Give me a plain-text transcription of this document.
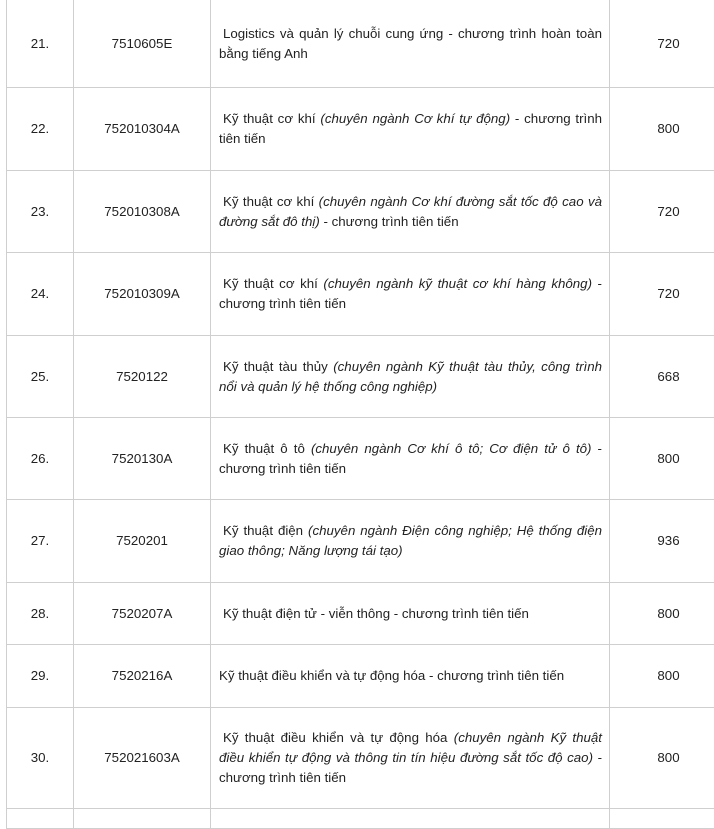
21.	7510605E	Logistics và quản lý chuỗi cung ứng - chương trình hoàn toàn bằng tiếng Anh	720
22.	752010304A	Kỹ thuật cơ khí ( chuyên ngành Cơ khí tự động ) - chương trình tiên tiến	800
23.	752010308A	Kỹ thuật cơ khí ( chuyên ngành Cơ khí đường sắt tốc độ cao và đường sắt đô thị ) - chương trình tiên tiến	720
24.	752010309A	Kỹ thuật cơ khí ( chuyên ngành kỹ thuật cơ khí hàng không ) - chương trình tiên tiến	720
25.	7520122	Kỹ thuật tàu thủy ( chuyên ngành Kỹ thuật tàu thủy, công trình nổi và quản lý hệ thống công nghiệp )	668
26.	7520130A	Kỹ thuật ô tô ( chuyên ngành Cơ khí ô tô; Cơ điện tử ô tô ) - chương trình tiên tiến	800
27.	7520201	Kỹ thuật điện ( chuyên ngành Điện công nghiệp; Hệ thống điện giao thông; Năng lượng tái tạo )	936
28.	7520207A	Kỹ thuật điện tử - viễn thông - chương trình tiên tiến	800
29.	7520216A	Kỹ thuật điều khiển và tự động hóa - chương trình tiên tiến	800
30.	752021603A	Kỹ thuật điều khiển và tự động hóa ( chuyên ngành Kỹ thuật điều khiển tự động và thông tin tín hiệu đường sắt tốc độ cao ) - chương trình tiên tiến	800
